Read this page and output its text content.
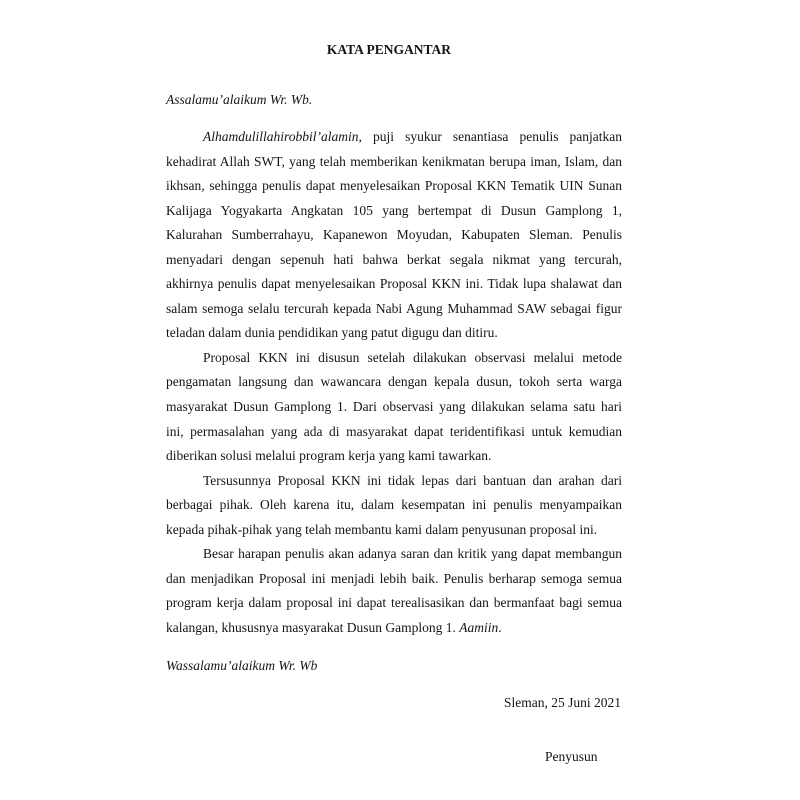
KATA PENGANTAR
Assalamu’alaikum Wr. Wb.
Alhamdulillahirobbil’alamin, puji syukur senantiasa penulis panjatkan
kehadirat Allah SWT, yang telah memberikan kenikmatan berupa iman, Islam, dan
ikhsan, sehingga penulis dapat menyelesaikan Proposal KKN Tematik UIN Sunan
Kalijaga Yogyakarta Angkatan 105 yang bertempat di Dusun Gamplong 1,
Kalurahan Sumberrahayu, Kapanewon Moyudan, Kabupaten Sleman. Penulis
menyadari dengan sepenuh hati bahwa berkat segala nikmat yang tercurah,
akhirnya penulis dapat menyelesaikan Proposal KKN ini. Tidak lupa shalawat dan
salam semoga selalu tercurah kepada Nabi Agung Muhammad SAW sebagai figur
teladan dalam dunia pendidikan yang patut digugu dan ditiru.
Proposal KKN ini disusun setelah dilakukan observasi melalui metode
pengamatan langsung dan wawancara dengan kepala dusun, tokoh serta warga
masyarakat Dusun Gamplong 1. Dari observasi yang dilakukan selama satu hari
ini, permasalahan yang ada di masyarakat dapat teridentifikasi untuk kemudian
diberikan solusi melalui program kerja yang kami tawarkan.
Tersusunnya Proposal KKN ini tidak lepas dari bantuan dan arahan dari
berbagai pihak. Oleh karena itu, dalam kesempatan ini penulis menyampaikan
kepada pihak-pihak yang telah membantu kami dalam penyusunan proposal ini.
Besar harapan penulis akan adanya saran dan kritik yang dapat membangun
dan menjadikan Proposal ini menjadi lebih baik. Penulis berharap semoga semua
program kerja dalam proposal ini dapat terealisasikan dan bermanfaat bagi semua
kalangan, khususnya masyarakat Dusun Gamplong 1. Aamiin.
Wassalamu’alaikum Wr. Wb
Sleman, 25 Juni 2021
Penyusun
